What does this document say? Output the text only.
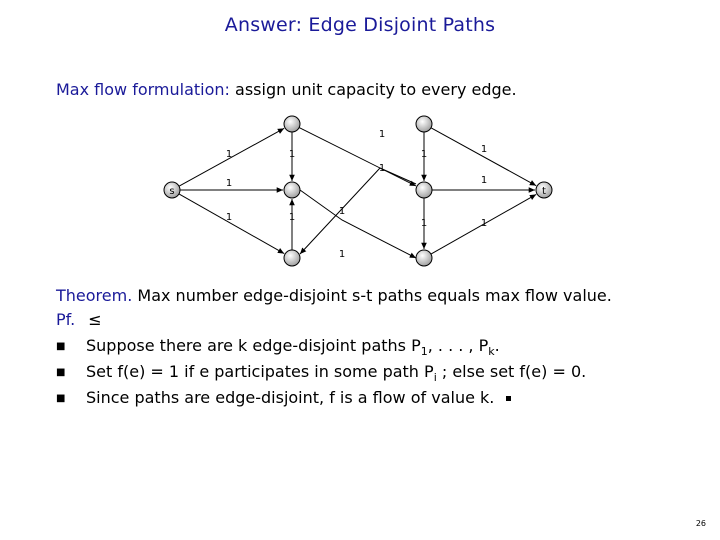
Answer: Edge Disjoint Paths
Max flow formulation: assign unit capacity to every edge.
s	t
1
1
1
1
1
1
1
1
1	1
1
1
1
1
Theorem. Max number edge-disjoint s-t paths equals max flow value.
Pf. ≤
■ Suppose there are k edge-disjoint paths $P_1$, . . . , $P_k$.
■ Set f(e) = 1 if e participates in some path $P_i$ ; else set f(e) = 0.
■ Since paths are edge-disjoint, f is a flow of value k.
26
